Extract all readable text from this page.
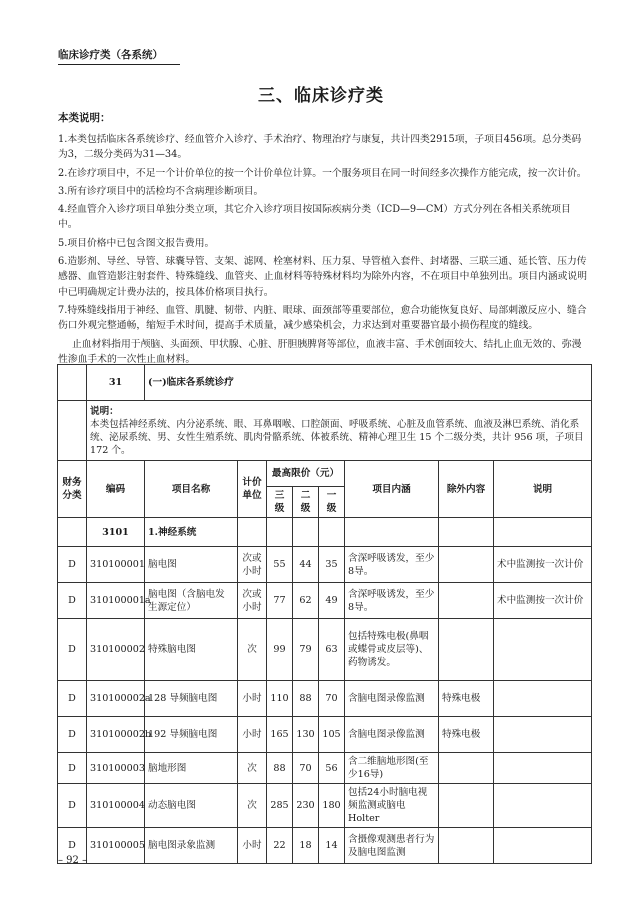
临床诊疗类（各系统）
三、临床诊疗类
本类说明：

1.本类包括临床各系统诊疗、经血管介入诊疗、手术治疗、物理治疗与康复，共计四类2915项，子项目456项。总分类码为3，二级分类码为31—34。

2.在诊疗项目中，不足一个计价单位的按一个计价单位计算。一个服务项目在同一时间经多次操作方能完成，按一次计价。

3.所有诊疗项目中的活检均不含病理诊断项目。

4.经血管介入诊疗项目单独分类立项，其它介入诊疗项目按国际疾病分类（ICD—9—CM）方式分列在各相关系统项目中。

5.项目价格中已包含图文报告费用。

6.造影剂、导丝、导管、球囊导管、支架、滤网、栓塞材料、压力泵、导管植入套件、封堵器、三联三通、延长管、压力传感器、血管造影注射套件、特殊缝线、血管夹、止血材料等特殊材料均为除外内容，不在项目中单独列出。项目内涵或说明中已明确规定计费办法的，按具体价格项目执行。

7.特殊缝线指用于神经、血管、肌腱、韧带、内脏、眼球、面颈部等重要部位，愈合功能恢复良好、局部刺激反应小、缝合伤口外观完整通畅，缩短手术时间，提高手术质量，减少感染机会，力求达到对重要器官最小损伤程度的缝线。

止血材料指用于颅脑、头面颈、甲状腺、心脏、肝胆胰脾肾等部位，血液丰富、手术创面较大、结扎止血无效的、弥漫性渗血手术的一次性止血材料。

	31	(一)临床各系统诊疗							

	说明：
本类包括神经系统、内分泌系统、眼、耳鼻咽喉、口腔颌面、呼吸系统、心脏及血管系统、血液及淋巴系统、消化系统、泌尿系统、男、女性生殖系统、肌肉骨骼系统、体被系统、精神心理卫生 15 个二级分类，共计 956 项，子项目 172 个。								

财务分类	编码	项目名称	计价单位	最高限价（元）			项目内涵	除外内容	说明
				三级	二级	一级			
	3101	1.神经系统							
D	310100001	脑电图	次或小时	55	44	35	含深呼吸诱发，至少8导。		术中监测按一次计价
D	310100001a	脑电图（含脑电发生源定位）	次或小时	77	62	49	含深呼吸诱发，至少8导。		术中监测按一次计价
D	310100002	特殊脑电图	次	99	79	63	包括特殊电极(鼻咽或蝶骨或皮层等)、药物诱发。		
D	310100002a	128 导频脑电图	小时	110	88	70	含脑电图录像监测	特殊电极	
D	310100002b	192 导频脑电图	小时	165	130	105	含脑电图录像监测	特殊电极	
D	310100003	脑地形图	次	88	70	56	含二维脑地形图(至少16导)		
D	310100004	动态脑电图	次	285	230	180	包括24小时脑电视频监测或脑电Holter		
D	310100005	脑电图录象监测	小时	22	18	14	含摄像观测患者行为及脑电图监测		
– 92 –
